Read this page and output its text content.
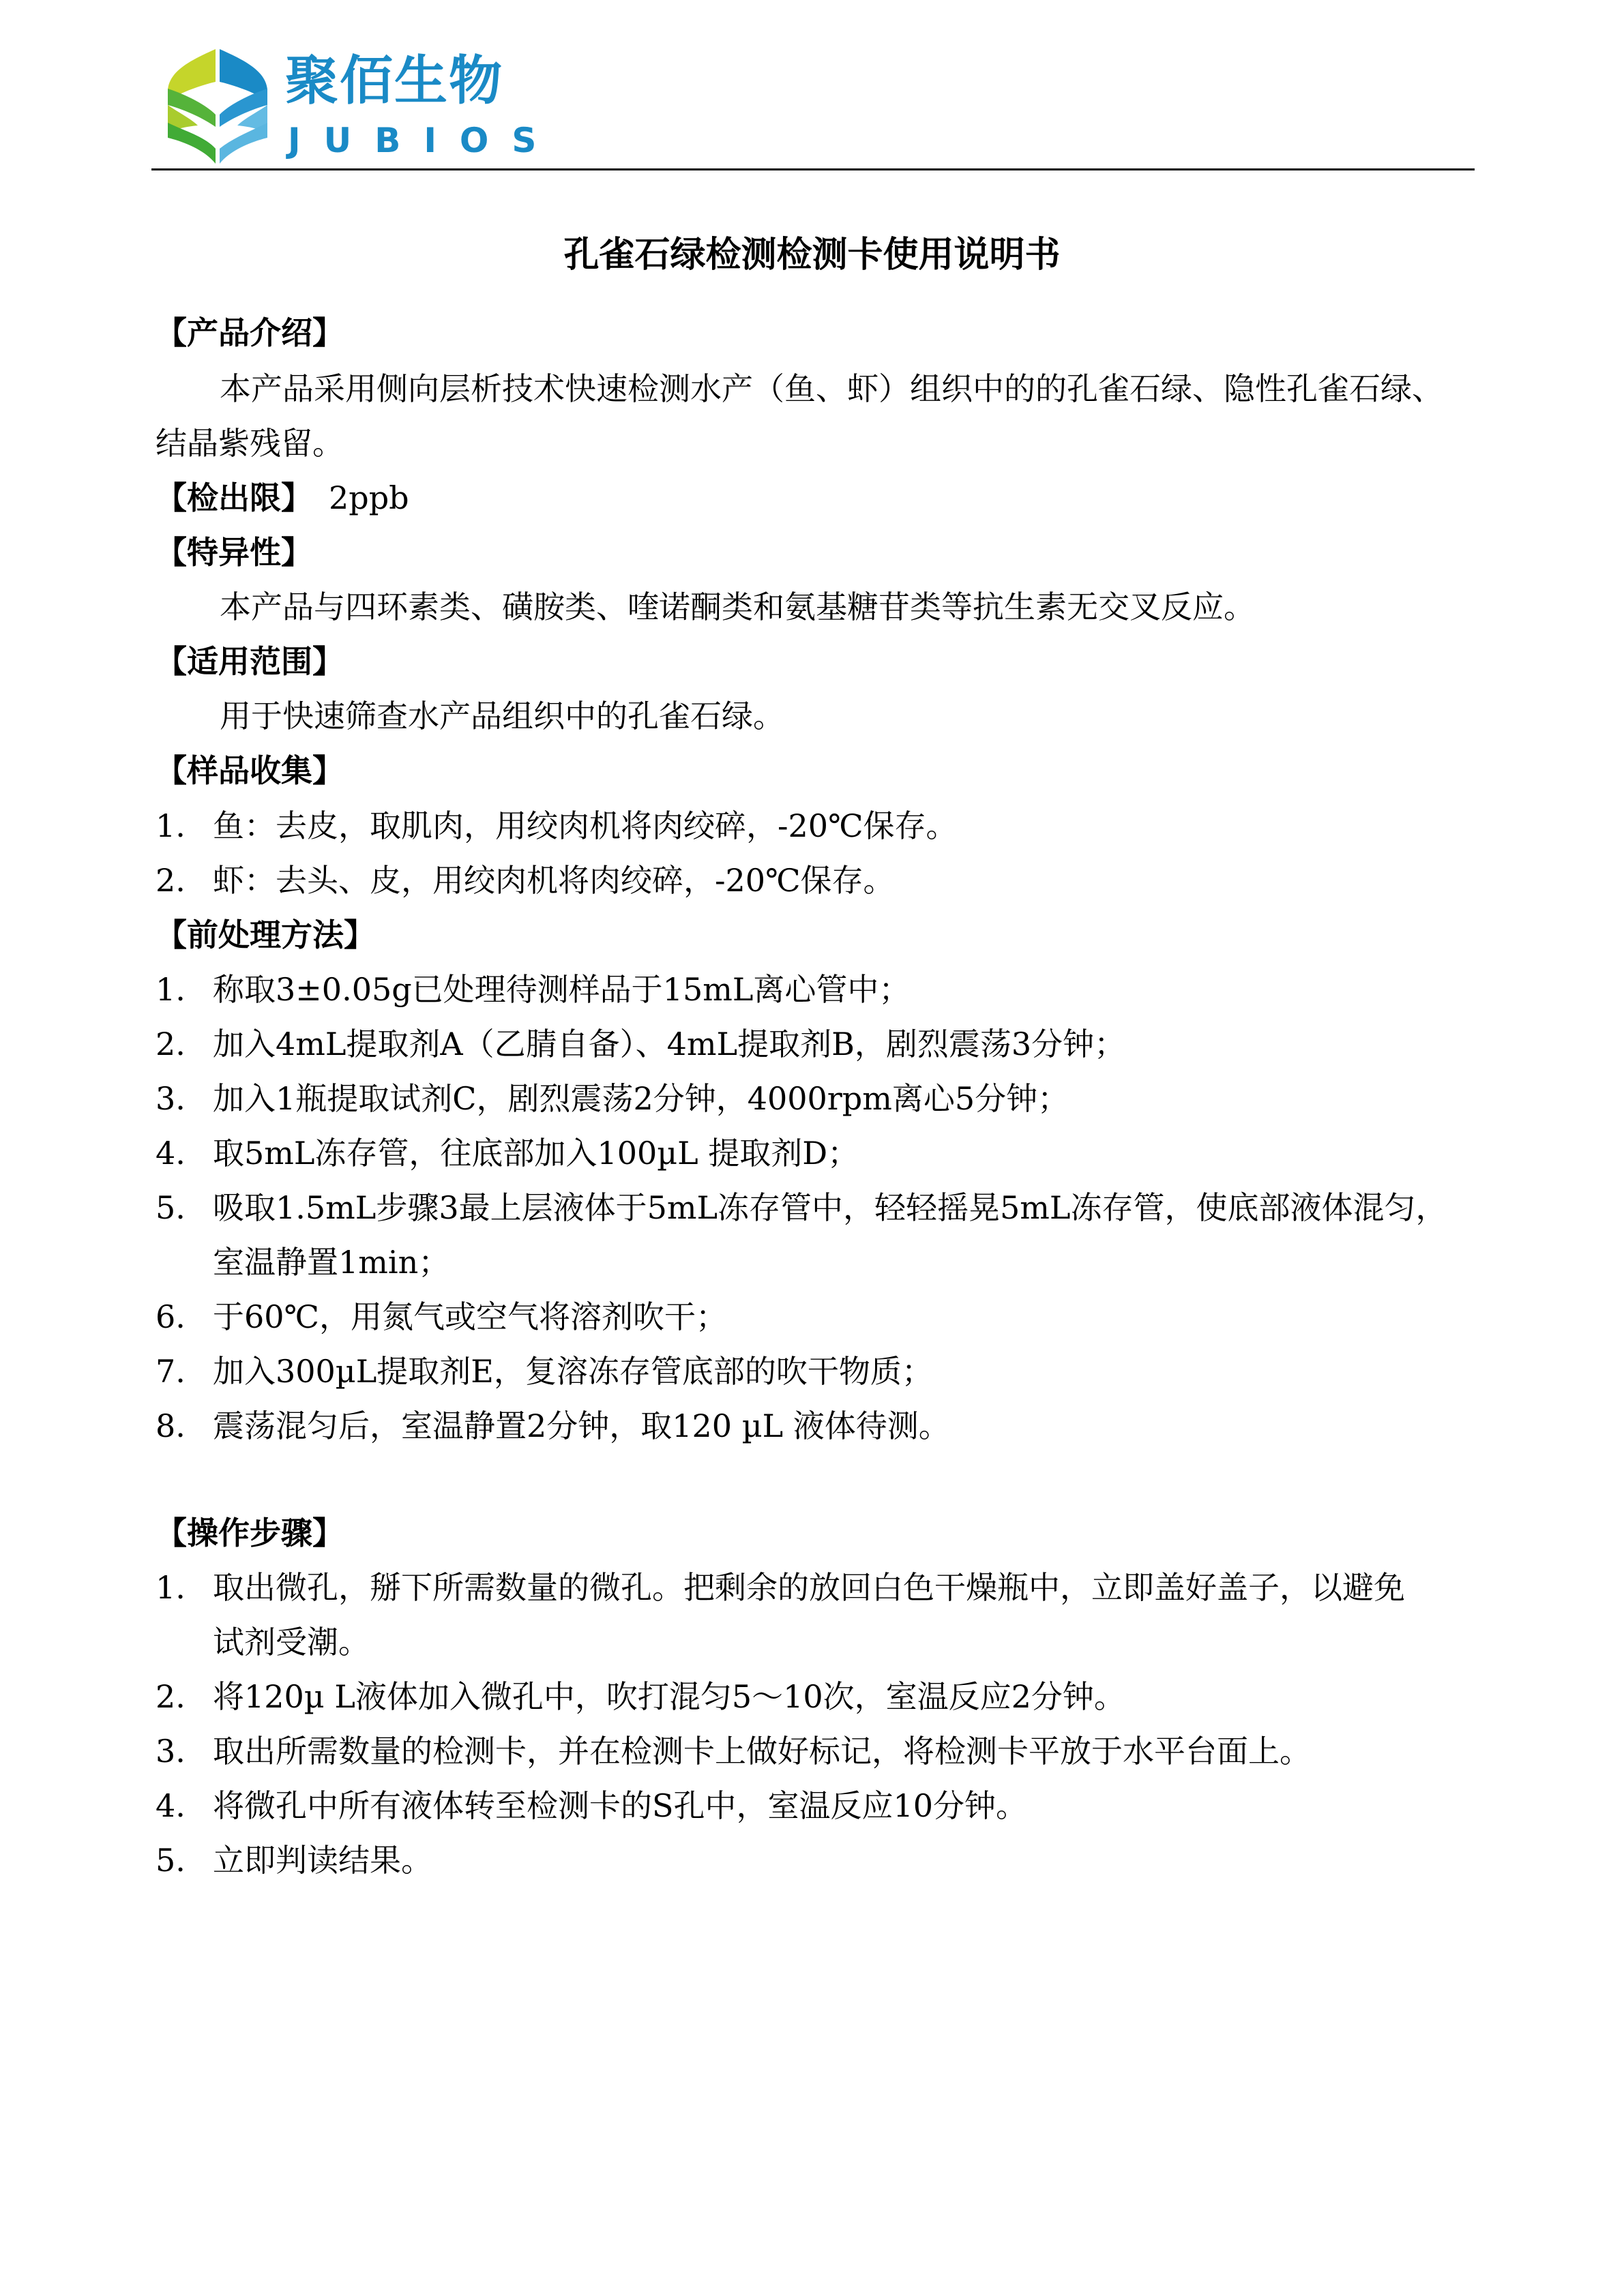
聚佰生物
JUBIOS
孔雀石绿检测检测卡使用说明书
【产品介绍】
本产品采用侧向层析技术快速检测水产（鱼、虾）组织中的的孔雀石绿、隐性孔雀石绿、
结晶紫残留。
【检出限】 2ppb
【特异性】
本产品与四环素类、磺胺类、喹诺酮类和氨基糖苷类等抗生素无交叉反应。
【适用范围】
用于快速筛查水产品组织中的孔雀石绿。
【样品收集】
1. 鱼：去皮，取肌肉，用绞肉机将肉绞碎，-20℃保存。
2. 虾：去头、皮，用绞肉机将肉绞碎，-20℃保存。
【前处理方法】
1. 称取3±0.05g已处理待测样品于15mL离心管中；
2. 加入4mL提取剂A（乙腈自备）、4mL提取剂B，剧烈震荡3分钟；
3. 加入1瓶提取试剂C，剧烈震荡2分钟，4000rpm离心5分钟；
4. 取5mL冻存管，往底部加入100µL 提取剂D；
5. 吸取1.5mL步骤3最上层液体于5mL冻存管中，轻轻摇晃5mL冻存管，使底部液体混匀，
室温静置1min；
6. 于60℃，用氮气或空气将溶剂吹干；
7. 加入300µL提取剂E，复溶冻存管底部的吹干物质；
8. 震荡混匀后，室温静置2分钟，取120 µL 液体待测。
【操作步骤】
1. 取出微孔，掰下所需数量的微孔。把剩余的放回白色干燥瓶中，立即盖好盖子，以避免
试剂受潮。
2. 将120µ L液体加入微孔中，吹打混匀5～10次，室温反应2分钟。
3. 取出所需数量的检测卡，并在检测卡上做好标记，将检测卡平放于水平台面上。
4. 将微孔中所有液体转至检测卡的S孔中，室温反应10分钟。
5. 立即判读结果。
